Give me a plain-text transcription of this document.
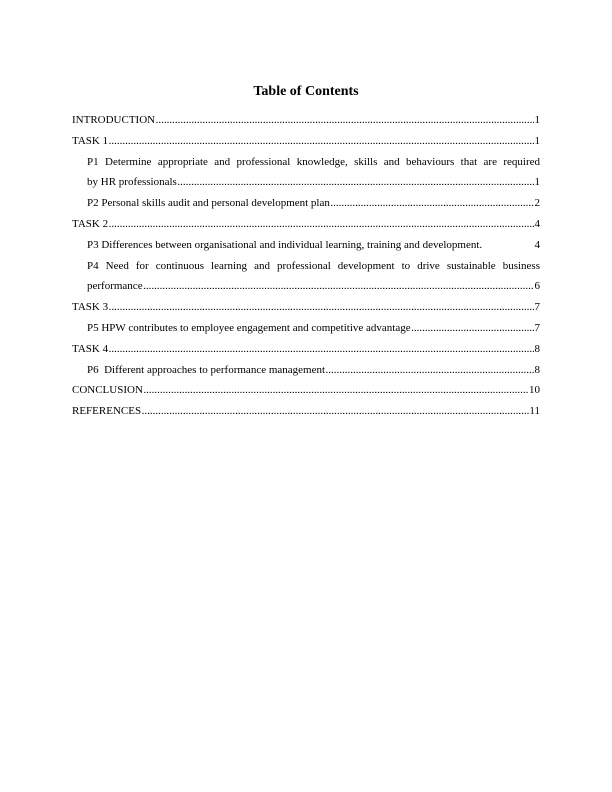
Table of Contents
INTRODUCTION .....	1
TASK 1 .....	1
P1 Determine appropriate and professional knowledge, skills and behaviours that are required
by HR professionals .....	1
P2 Personal skills audit and personal development plan .....	2
TASK 2 .....	4
P3 Differences between organisational and individual learning, training and development.	4
P4 Need for continuous learning and professional development to drive sustainable business
performance .....	6
TASK 3 .....	7
P5 HPW contributes to employee engagement and competitive advantage .....	7
TASK 4 .....	8
P6  Different approaches to performance management .....	8
CONCLUSION .....	10
REFERENCES .....	11
